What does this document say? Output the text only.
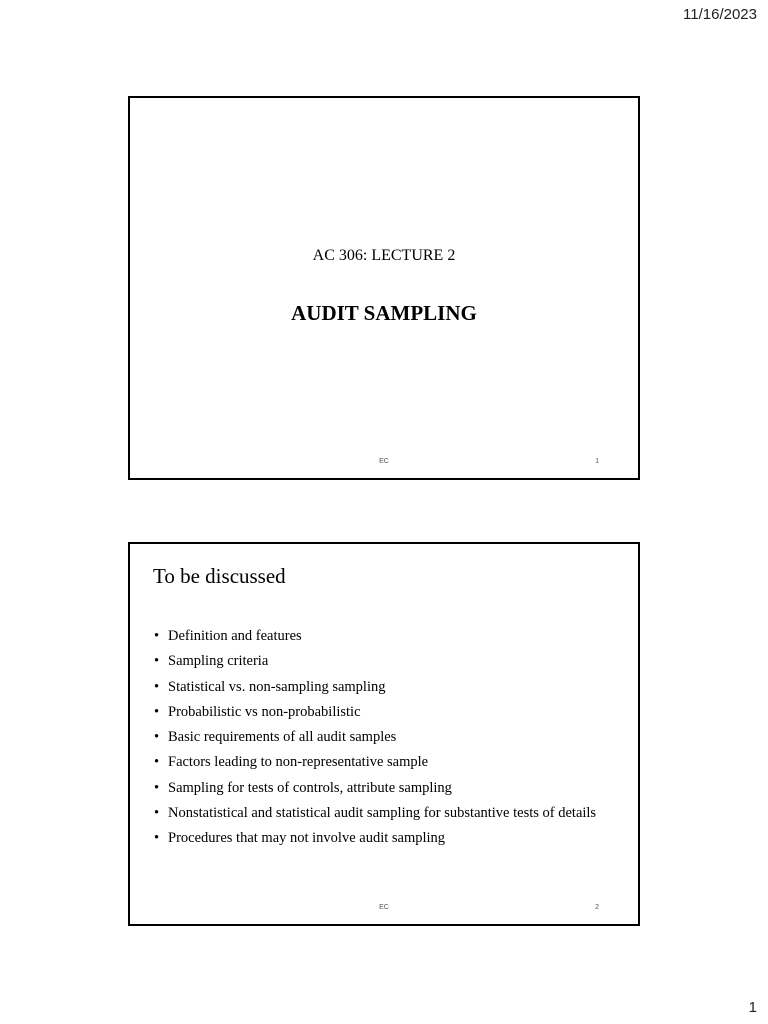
11/16/2023
AC 306: LECTURE 2
AUDIT SAMPLING
EC	1
To be discussed
• Definition and features
• Sampling criteria
• Statistical vs. non-sampling sampling
• Probabilistic vs non-probabilistic
• Basic requirements of all audit samples
• Factors leading to non-representative sample
• Sampling for tests of controls, attribute sampling
• Nonstatistical and statistical audit sampling for substantive tests of details
• Procedures that may not involve audit sampling
EC	2
1
